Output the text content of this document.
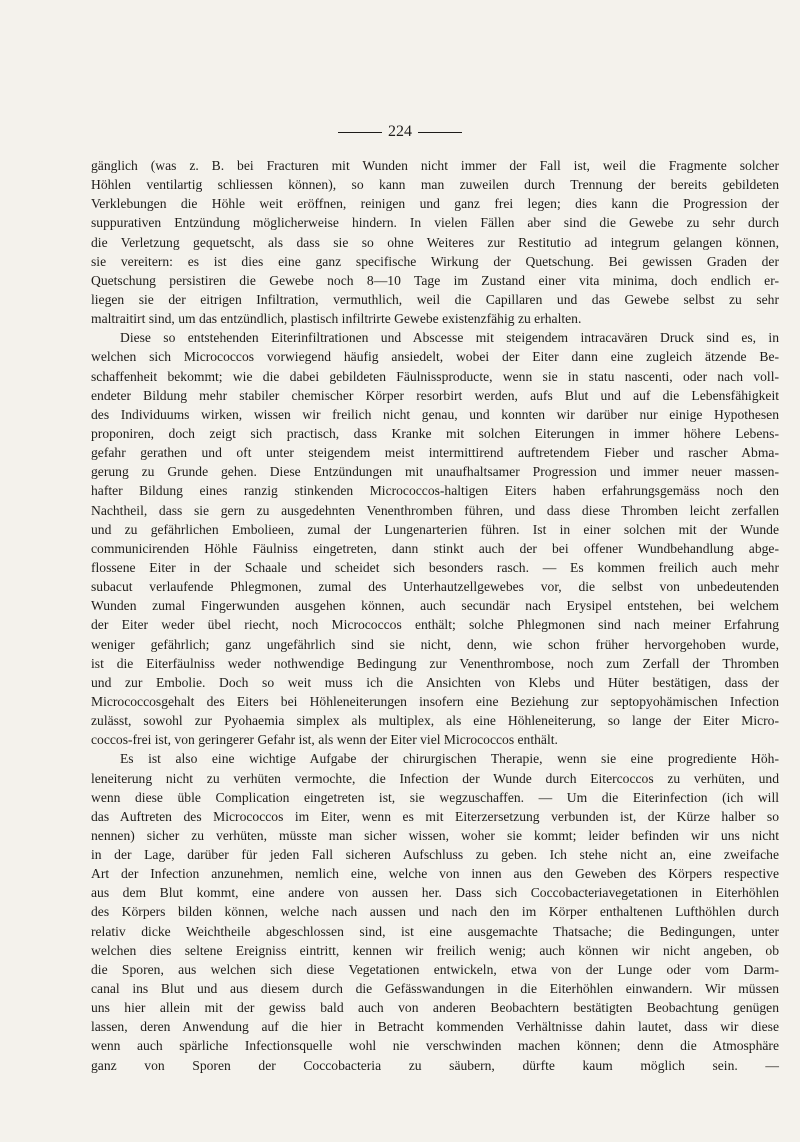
224
gänglich (was z. B. bei Fracturen mit Wunden nicht immer der Fall ist, weil die Fragmente solcher
Höhlen ventilartig schliessen können), so kann man zuweilen durch Trennung der bereits gebildeten
Verklebungen die Höhle weit eröffnen, reinigen und ganz frei legen; dies kann die Progression der
suppurativen Entzündung möglicherweise hindern. In vielen Fällen aber sind die Gewebe zu sehr durch
die Verletzung gequetscht, als dass sie so ohne Weiteres zur Restitutio ad integrum gelangen können,
sie vereitern: es ist dies eine ganz specifische Wirkung der Quetschung. Bei gewissen Graden der
Quetschung persistiren die Gewebe noch 8—10 Tage im Zustand einer vita minima, doch endlich er-
liegen sie der eitrigen Infiltration, vermuthlich, weil die Capillaren und das Gewebe selbst zu sehr
maltraitirt sind, um das entzündlich, plastisch infiltrirte Gewebe existenzfähig zu erhalten.
Diese so entstehenden Eiterinfiltrationen und Abscesse mit steigendem intracavären Druck sind es, in
welchen sich Micrococcos vorwiegend häufig ansiedelt, wobei der Eiter dann eine zugleich ätzende Be-
schaffenheit bekommt; wie die dabei gebildeten Fäulnissproducte, wenn sie in statu nascenti, oder nach voll-
endeter Bildung mehr stabiler chemischer Körper resorbirt werden, aufs Blut und auf die Lebensfähigkeit
des Individuums wirken, wissen wir freilich nicht genau, und konnten wir darüber nur einige Hypothesen
proponiren, doch zeigt sich practisch, dass Kranke mit solchen Eiterungen in immer höhere Lebens-
gefahr gerathen und oft unter steigendem meist intermittirend auftretendem Fieber und rascher Abma-
gerung zu Grunde gehen. Diese Entzündungen mit unaufhaltsamer Progression und immer neuer massen-
hafter Bildung eines ranzig stinkenden Micrococcos-haltigen Eiters haben erfahrungsgemäss noch den
Nachtheil, dass sie gern zu ausgedehnten Venenthromben führen, und dass diese Thromben leicht zerfallen
und zu gefährlichen Embolieen, zumal der Lungenarterien führen. Ist in einer solchen mit der Wunde
communicirenden Höhle Fäulniss eingetreten, dann stinkt auch der bei offener Wundbehandlung abge-
flossene Eiter in der Schaale und scheidet sich besonders rasch. — Es kommen freilich auch mehr
subacut verlaufende Phlegmonen, zumal des Unterhautzellgewebes vor, die selbst von unbedeutenden
Wunden zumal Fingerwunden ausgehen können, auch secundär nach Erysipel entstehen, bei welchem
der Eiter weder übel riecht, noch Micrococcos enthält; solche Phlegmonen sind nach meiner Erfahrung
weniger gefährlich; ganz ungefährlich sind sie nicht, denn, wie schon früher hervorgehoben wurde,
ist die Eiterfäulniss weder nothwendige Bedingung zur Venenthrombose, noch zum Zerfall der Thromben
und zur Embolie. Doch so weit muss ich die Ansichten von Klebs und Hüter bestätigen, dass der
Micrococcosgehalt des Eiters bei Höhleneiterungen insofern eine Beziehung zur septopyohämischen Infection
zulässt, sowohl zur Pyohaemia simplex als multiplex, als eine Höhleneiterung, so lange der Eiter Micro-
coccos-frei ist, von geringerer Gefahr ist, als wenn der Eiter viel Micrococcos enthält.
Es ist also eine wichtige Aufgabe der chirurgischen Therapie, wenn sie eine progrediente Höh-
leneiterung nicht zu verhüten vermochte, die Infection der Wunde durch Eitercoccos zu verhüten, und
wenn diese üble Complication eingetreten ist, sie wegzuschaffen. — Um die Eiterinfection (ich will
das Auftreten des Micrococcos im Eiter, wenn es mit Eiterzersetzung verbunden ist, der Kürze halber so
nennen) sicher zu verhüten, müsste man sicher wissen, woher sie kommt; leider befinden wir uns nicht
in der Lage, darüber für jeden Fall sicheren Aufschluss zu geben. Ich stehe nicht an, eine zweifache
Art der Infection anzunehmen, nemlich eine, welche von innen aus den Geweben des Körpers respective
aus dem Blut kommt, eine andere von aussen her. Dass sich Coccobacteriavegetationen in Eiterhöhlen
des Körpers bilden können, welche nach aussen und nach den im Körper enthaltenen Lufthöhlen durch
relativ dicke Weichtheile abgeschlossen sind, ist eine ausgemachte Thatsache; die Bedingungen, unter
welchen dies seltene Ereigniss eintritt, kennen wir freilich wenig; auch können wir nicht angeben, ob
die Sporen, aus welchen sich diese Vegetationen entwickeln, etwa von der Lunge oder vom Darm-
canal ins Blut und aus diesem durch die Gefässwandungen in die Eiterhöhlen einwandern. Wir müssen
uns hier allein mit der gewiss bald auch von anderen Beobachtern bestätigten Beobachtung genügen
lassen, deren Anwendung auf die hier in Betracht kommenden Verhältnisse dahin lautet, dass wir diese
wenn auch spärliche Infectionsquelle wohl nie verschwinden machen können; denn die Atmosphäre
ganz von Sporen der Coccobacteria zu säubern, dürfte kaum möglich sein. —
